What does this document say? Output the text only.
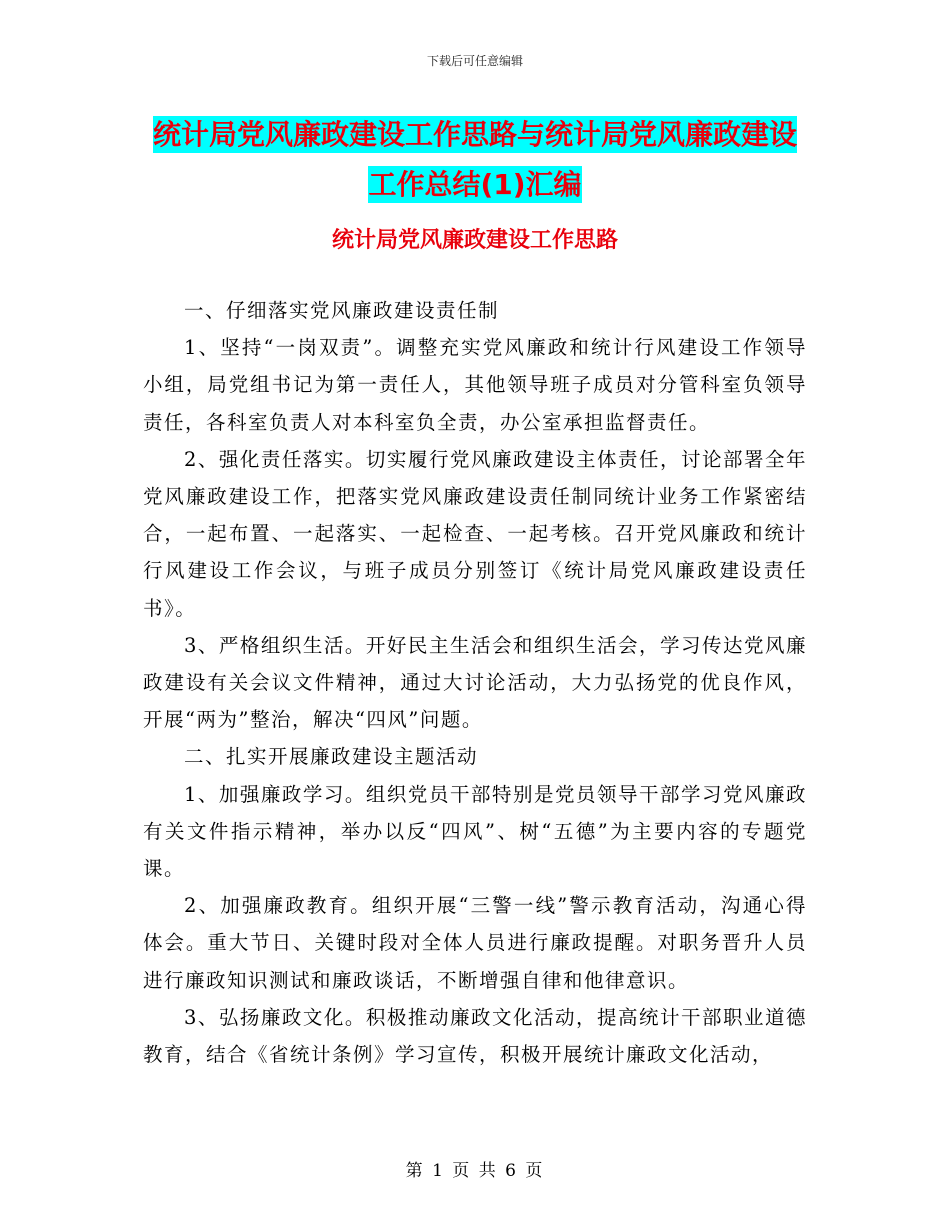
下载后可任意编辑
统计局党风廉政建设工作思路与统计局党风廉政建设
工作总结(1)汇编
统计局党风廉政建设工作思路

一、仔细落实党风廉政建设责任制

1、坚持“一岗双责”。调整充实党风廉政和统计行风建设工作领导小组，局党组书记为第一责任人，其他领导班子成员对分管科室负领导责任，各科室负责人对本科室负全责，办公室承担监督责任。

2、强化责任落实。切实履行党风廉政建设主体责任，讨论部署全年党风廉政建设工作，把落实党风廉政建设责任制同统计业务工作紧密结合，一起布置、一起落实、一起检查、一起考核。召开党风廉政和统计行风建设工作会议，与班子成员分别签订《统计局党风廉政建设责任书》。

3、严格组织生活。开好民主生活会和组织生活会，学习传达党风廉政建设有关会议文件精神，通过大讨论活动，大力弘扬党的优良作风，开展“两为”整治，解决“四风”问题。

二、扎实开展廉政建设主题活动

1、加强廉政学习。组织党员干部特别是党员领导干部学习党风廉政有关文件指示精神，举办以反“四风”、树“五德”为主要内容的专题党课。

2、加强廉政教育。组织开展“三警一线”警示教育活动，沟通心得体会。重大节日、关键时段对全体人员进行廉政提醒。对职务晋升人员进行廉政知识测试和廉政谈话，不断增强自律和他律意识。

3、弘扬廉政文化。积极推动廉政文化活动，提高统计干部职业道德教育，结合《省统计条例》学习宣传，积极开展统计廉政文化活动，

第 1 页 共 6 页
